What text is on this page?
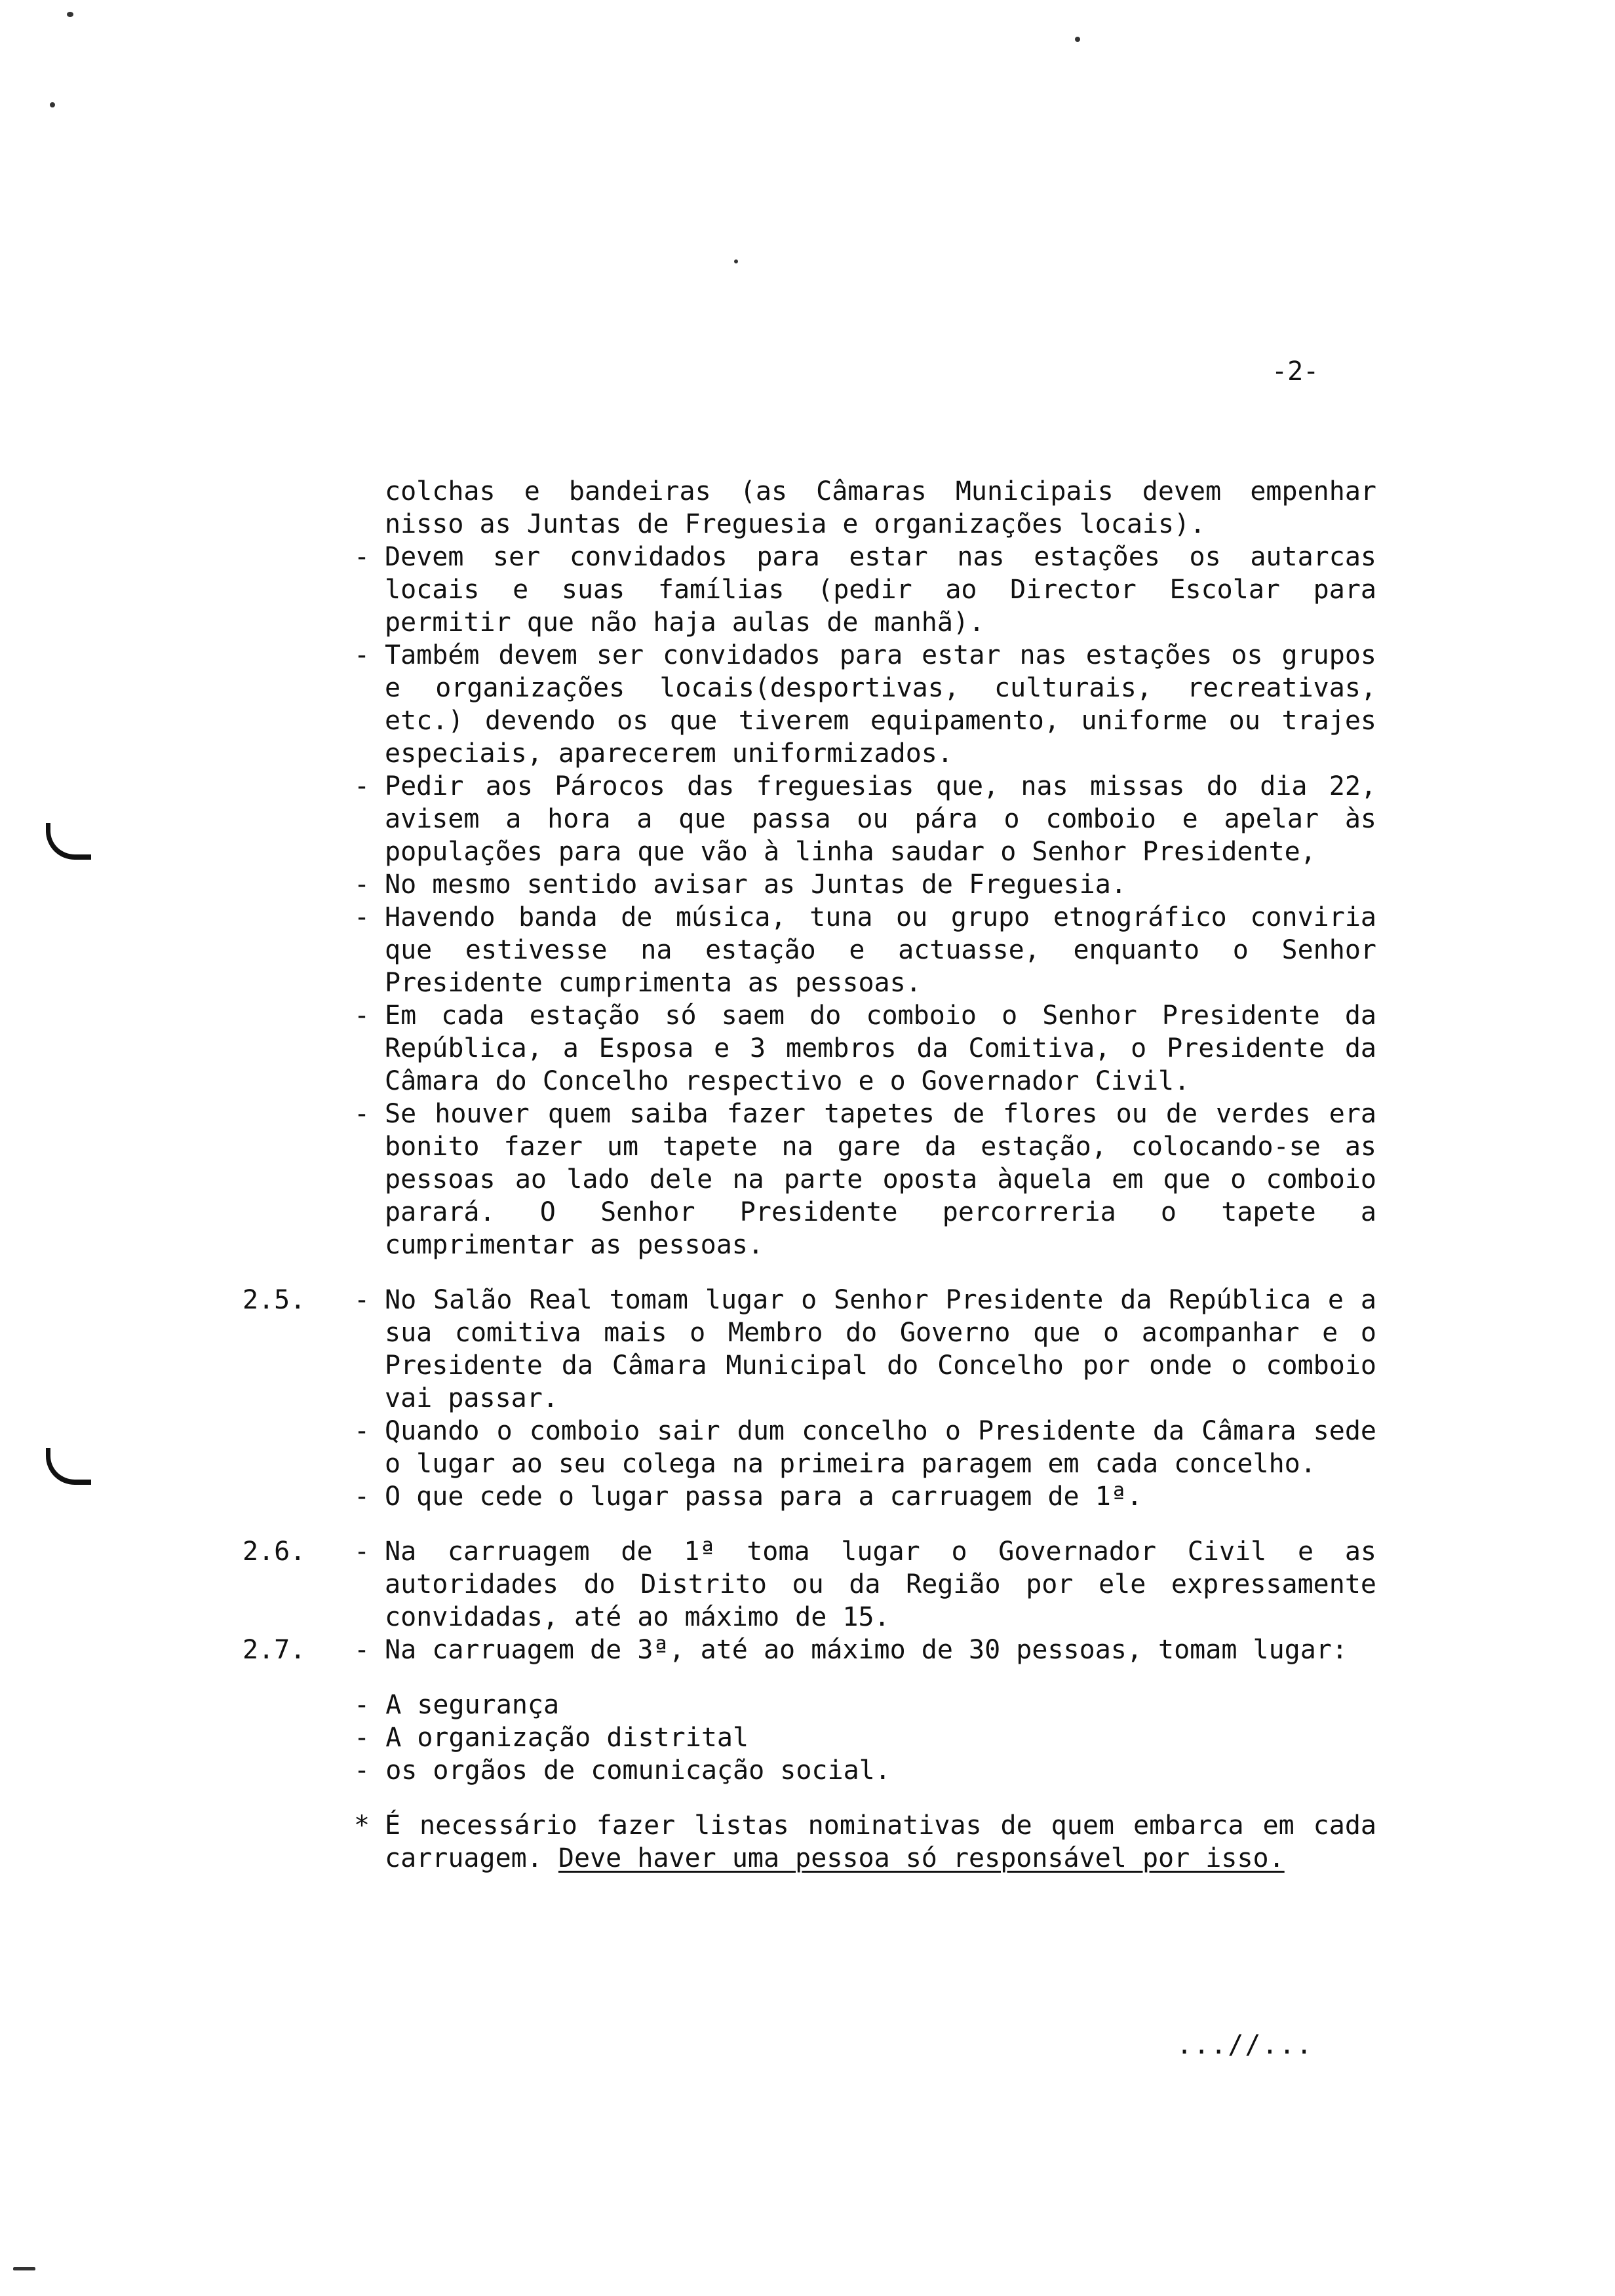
-2-
colchas e bandeiras (as Câmaras Municipais devem empenhar nisso as Juntas de Freguesia e organizações locais).
- Devem ser convidados para estar nas estações os autarcas locais e suas famílias (pedir ao Director Escolar para permitir que não haja aulas de manhã).
- Também devem ser convidados para estar nas estações os grupos e organizações locais(desportivas, culturais, recreativas, etc.) devendo os que tiverem equipamento, uniforme ou trajes especiais, aparecerem uniformizados.
- Pedir aos Párocos das freguesias que, nas missas do dia 22, avisem a hora a que passa ou pára o comboio e apelar às populações para que vão à linha saudar o Senhor Presidente,
- No mesmo sentido avisar as Juntas de Freguesia.
- Havendo banda de música, tuna ou grupo etnográfico conviria que estivesse na estação e actuasse, enquanto o Senhor Presidente cumprimenta as pessoas.
- Em cada estação só saem do comboio o Senhor Presidente da República, a Esposa e 3 membros da Comitiva, o Presidente da Câmara do Concelho respectivo e o Governador Civil.
- Se houver quem saiba fazer tapetes de flores ou de verdes era bonito fazer um tapete na gare da estação, colocando-se as pessoas ao lado dele na parte oposta àquela em que o comboio parará. O Senhor Presidente percorreria o tapete a cumprimentar as pessoas.
2.5.	- No Salão Real tomam lugar o Senhor Presidente da República e a sua comitiva mais o Membro do Governo que o acompanhar e o Presidente da Câmara Municipal do Concelho por onde o comboio vai passar.
- Quando o comboio sair dum concelho o Presidente da Câmara sede o lugar ao seu colega na primeira paragem em cada concelho.
- O que cede o lugar passa para a carruagem de 1ª.
2.6.	- Na carruagem de 1ª toma lugar o Governador Civil e as autoridades do Distrito ou da Região por ele expressamente convidadas, até ao máximo de 15.
2.7.	- Na carruagem de 3ª, até ao máximo de 30 pessoas, tomam lugar:
- A segurança
- A organização distrital
- os orgãos de comunicação social.
* É necessário fazer listas nominativas de quem embarca em cada carruagem. Deve haver uma pessoa só responsável por isso.
...//...
